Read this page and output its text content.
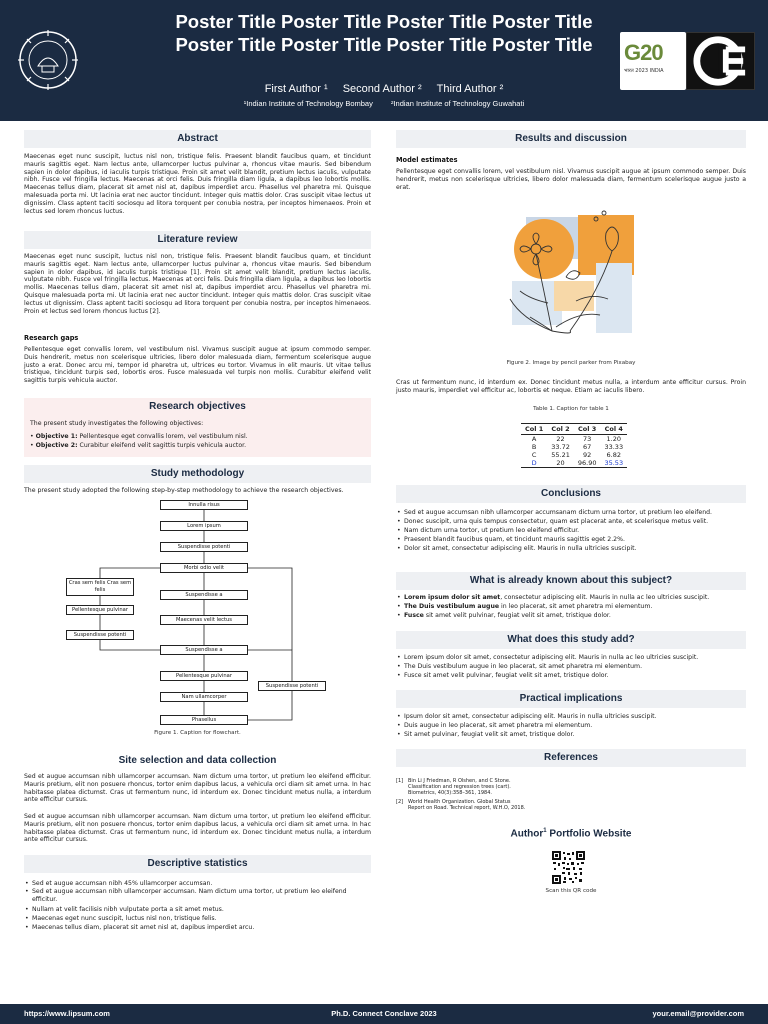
Poster Title Poster Title Poster Title Poster Title Poster Title Poster Title Poster Title Poster Title
First Author ¹ Second Author ² Third Author ²
¹Indian Institute of Technology Bombay ²Indian Institute of Technology Guwahati
G20
भारत 2023 INDIA
Abstract
Maecenas eget nunc suscipit, luctus nisl non, tristique felis. Praesent blandit faucibus quam, et tincidunt mauris sagittis eget. Nam lectus ante, ullamcorper luctus pulvinar a, rhoncus vitae mauris. Sed bibendum sapien in dolor dapibus, id iaculis turpis tristique. Proin sit amet velit blandit, pretium lectus iaculis, vulputate nibh. Fusce vel fringilla lectus. Maecenas at orci felis. Duis fringilla diam ligula, a dapibus leo lobortis mollis. Maecenas tellus diam, placerat sit amet nisl at, dapibus imperdiet arcu. Phasellus vel pharetra mi. Quisque malesuada porta mi. Ut lacinia erat nec auctor tincidunt. Integer quis mattis dolor. Cras suscipit vitae lectus ut dignissim. Class aptent taciti sociosqu ad litora torquent per conubia nostra, per inceptos himenaeos. Proin et lectus sed lorem rhoncus luctus.
Literature review
Maecenas eget nunc suscipit, luctus nisl non, tristique felis. Praesent blandit faucibus quam, et tincidunt mauris sagittis eget. Nam lectus ante, ullamcorper luctus pulvinar a, rhoncus vitae mauris. Sed bibendum sapien in dolor dapibus, id iaculis turpis tristique [1]. Proin sit amet velit blandit, pretium lectus iaculis, vulputate nibh. Fusce vel fringilla lectus. Maecenas at orci felis. Duis fringilla diam ligula, a dapibus leo lobortis mollis. Maecenas tellus diam, placerat sit amet nisl at, dapibus imperdiet arcu. Phasellus vel pharetra mi. Quisque malesuada porta mi. Ut lacinia erat nec auctor tincidunt. Integer quis mattis dolor. Cras suscipit vitae lectus ut dignissim. Class aptent taciti sociosqu ad litora torquent per conubia nostra, per inceptos himenaeos. Proin et lectus sed lorem rhoncus luctus [2].
Research gaps
Pellentesque eget convallis lorem, vel vestibulum nisl. Vivamus suscipit augue at ipsum commodo semper. Duis hendrerit, metus non scelerisque ultricies, libero dolor malesuada diam, fermentum scelerisque augue justo a erat. Donec arcu mi, tempor id pharetra ut, ultrices eu tortor. Vivamus in elit mauris. Ut vitae tellus tristique, tincidunt turpis sed, lobortis eros. Fusce malesuada vel turpis non mollis. Curabitur eleifend velit sagittis turpis vehicula auctor.
Research objectives
The present study investigates the following objectives:
• Objective 1: Pellentesque eget convallis lorem, vel vestibulum nisl.
• Objective 2: Curabitur eleifend velit sagittis turpis vehicula auctor.
Study methodology
The present study adopted the following step-by-step methodology to achieve the research objectives.
Innulla risus
Lorem ipsum
Suspendisse potenti
Morbi odio velit
Suspendisse a
Maecenas velit lectus
Suspendisse a
Pellentesque pulvinar
Nam ullamcorper
Phasellus
Cras sem felis Cras sem felis
Pellentesque pulvinar
Suspendisse potenti
Suspendisse potenti
Figure 1. Caption for flowchart.
Site selection and data collection
Sed et augue accumsan nibh ullamcorper accumsan. Nam dictum urna tortor, ut pretium leo eleifend efficitur. Mauris pretium, elit non posuere rhoncus, tortor enim dapibus lacus, a vehicula orci diam sit amet urna. In hac habitasse platea dictumst. Cras ut fermentum nunc, id interdum ex. Donec tincidunt metus nulla, a interdum ante efficitur cursus.
Sed et augue accumsan nibh ullamcorper accumsan. Nam dictum urna tortor, ut pretium leo eleifend efficitur. Mauris pretium, elit non posuere rhoncus, tortor enim dapibus lacus, a vehicula orci diam sit amet urna. In hac habitasse platea dictumst. Cras ut fermentum nunc, id interdum ex. Donec tincidunt metus nulla, a interdum ante efficitur cursus.
Descriptive statistics
• Sed et augue accumsan nibh 45% ullamcorper accumsan.
• Sed et augue accumsan nibh ullamcorper accumsan. Nam dictum urna tortor, ut pretium leo eleifend efficitur.
• Nullam at velit facilisis nibh vulputate porta a sit amet metus.
• Maecenas eget nunc suscipit, luctus nisl non, tristique felis.
• Maecenas tellus diam, placerat sit amet nisl at, dapibus imperdiet arcu.
Results and discussion
Model estimates
Pellentesque eget convallis lorem, vel vestibulum nisl. Vivamus suscipit augue at ipsum commodo semper. Duis hendrerit, metus non scelerisque ultricies, libero dolor malesuada diam, fermentum scelerisque augue justo a erat.
Figure 2. Image by pencil parker from Pixabay
Cras ut fermentum nunc, id interdum ex. Donec tincidunt metus nulla, a interdum ante efficitur cursus. Proin justo mauris, imperdiet vel efficitur ac, lobortis et neque. Etiam ac iaculis libero.
Table 1. Caption for table 1
Col 1	Col 2	Col 3	Col 4
A	22	73	1.20
B	33.72	67	33.33
C	55.21	92	6.82
D	20	96.90	35.53
Conclusions
• Sed et augue accumsan nibh ullamcorper accumsanam dictum urna tortor, ut pretium leo eleifend.
• Donec suscipit, urna quis tempus consectetur, quam est placerat ante, et scelerisque metus velit.
• Nam dictum urna tortor, ut pretium leo eleifend efficitur.
• Praesent blandit faucibus quam, et tincidunt mauris sagittis eget 2.2%.
• Dolor sit amet, consectetur adipiscing elit. Mauris in nulla ultricies suscipit.
What is already known about this subject?
• Lorem ipsum dolor sit amet, consectetur adipiscing elit. Mauris in nulla ac leo ultricies suscipit.
• The Duis vestibulum augue in leo placerat, sit amet pharetra mi elementum.
• Fusce sit amet velit pulvinar, feugiat velit sit amet, tristique dolor.
What does this study add?
• Lorem ipsum dolor sit amet, consectetur adipiscing elit. Mauris in nulla ac leo ultricies suscipit.
• The Duis vestibulum augue in leo placerat, sit amet pharetra mi elementum.
• Fusce sit amet velit pulvinar, feugiat velit sit amet, tristique dolor.
Practical implications
• Ipsum dolor sit amet, consectetur adipiscing elit. Mauris in nulla ultricies suscipit.
• Duis augue in leo placerat, sit amet pharetra mi elementum.
• Sit amet pulvinar, feugiat velit sit amet, tristique dolor.
References
[1] Bin Li J Friedman, R Olshen, and C Stone. Classification and regression trees (cart). Biometrics, 40(3):358–361, 1984.
[2] World Health Organization. Global Status Report on Road. Technical report, W.H.O, 2018.
Author$^1$ Portfolio Website
Scan this QR code
https://www.lipsum.com	Ph.D. Connect Conclave 2023	your.email@provider.com
